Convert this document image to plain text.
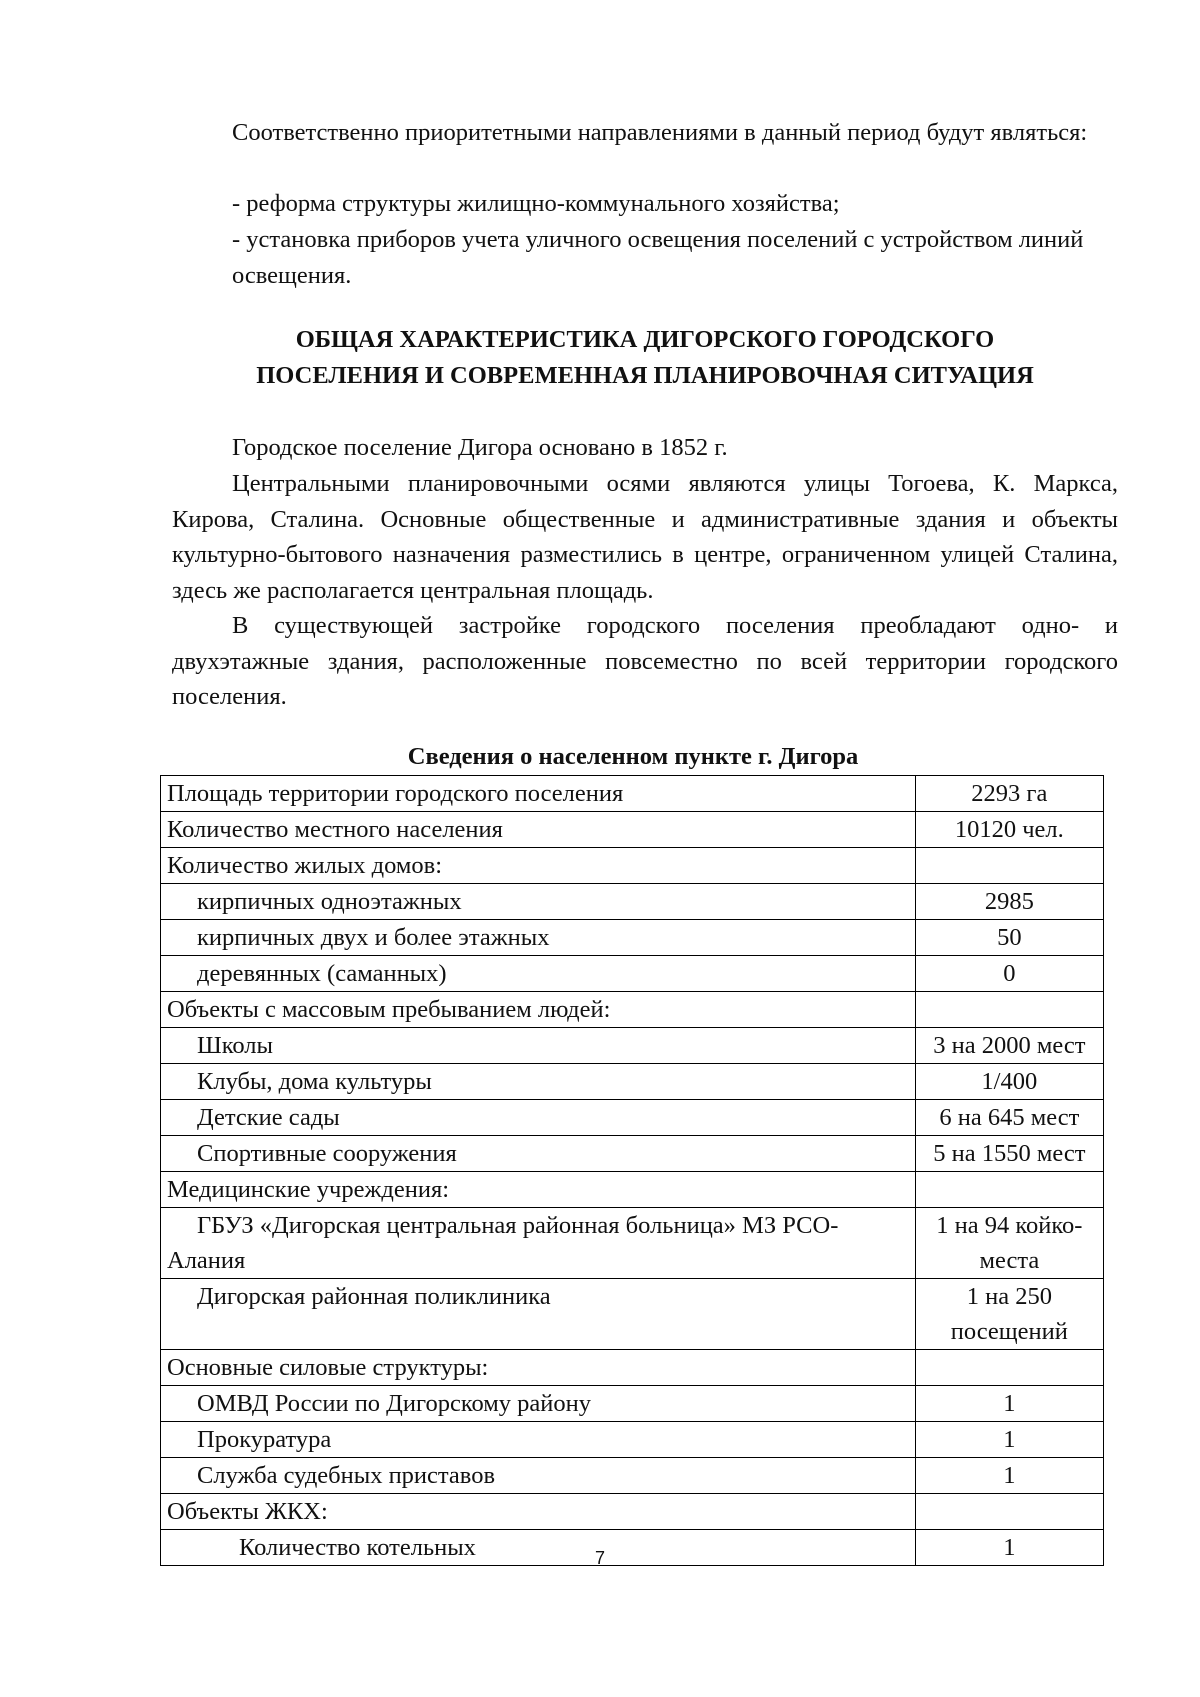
Соответственно приоритетными направлениями в данный период будут являться:

- реформа структуры жилищно-коммунального хозяйства;

- установка приборов учета уличного освещения поселений с устройством линий освещения.

ОБЩАЯ ХАРАКТЕРИСТИКА ДИГОРСКОГО ГОРОДСКОГО
ПОСЕЛЕНИЯ И СОВРЕМЕННАЯ ПЛАНИРОВОЧНАЯ СИТУАЦИЯ

Городское поселение Дигора основано в 1852 г.

Центральными планировочными осями являются улицы Тогоева, К. Маркса, Кирова, Сталина. Основные общественные и административные здания и объекты культурно-бытового назначения разместились в центре, ограниченном улицей Сталина, здесь же располагается центральная площадь.

В существующей застройке городского поселения преобладают одно- и двухэтажные здания, расположенные повсеместно по всей территории городского поселения.

Сведения о населенном пункте г. Дигора

Площадь территории городского поселения	2293 га
Количество местного населения	10120 чел.
Количество жилых домов:	
кирпичных одноэтажных	2985
кирпичных двух и более этажных	50
деревянных (саманных)	0
Объекты с массовым пребыванием людей:	
Школы	3 на 2000 мест
Клубы, дома культуры	1/400
Детские сады	6 на 645 мест
Спортивные сооружения	5 на 1550 мест
Медицинские учреждения:	

ГБУЗ «Дигорская центральная районная больница» МЗ РСО-Алания	1 на 94 койко-места
Дигорская районная поликлиника	1 на 250 посещений
Основные силовые структуры:	
ОМВД России по Дигорскому району	1
Прокуратура	1
Служба судебных приставов	1
Объекты ЖКХ:	
Количество котельных	1
7
